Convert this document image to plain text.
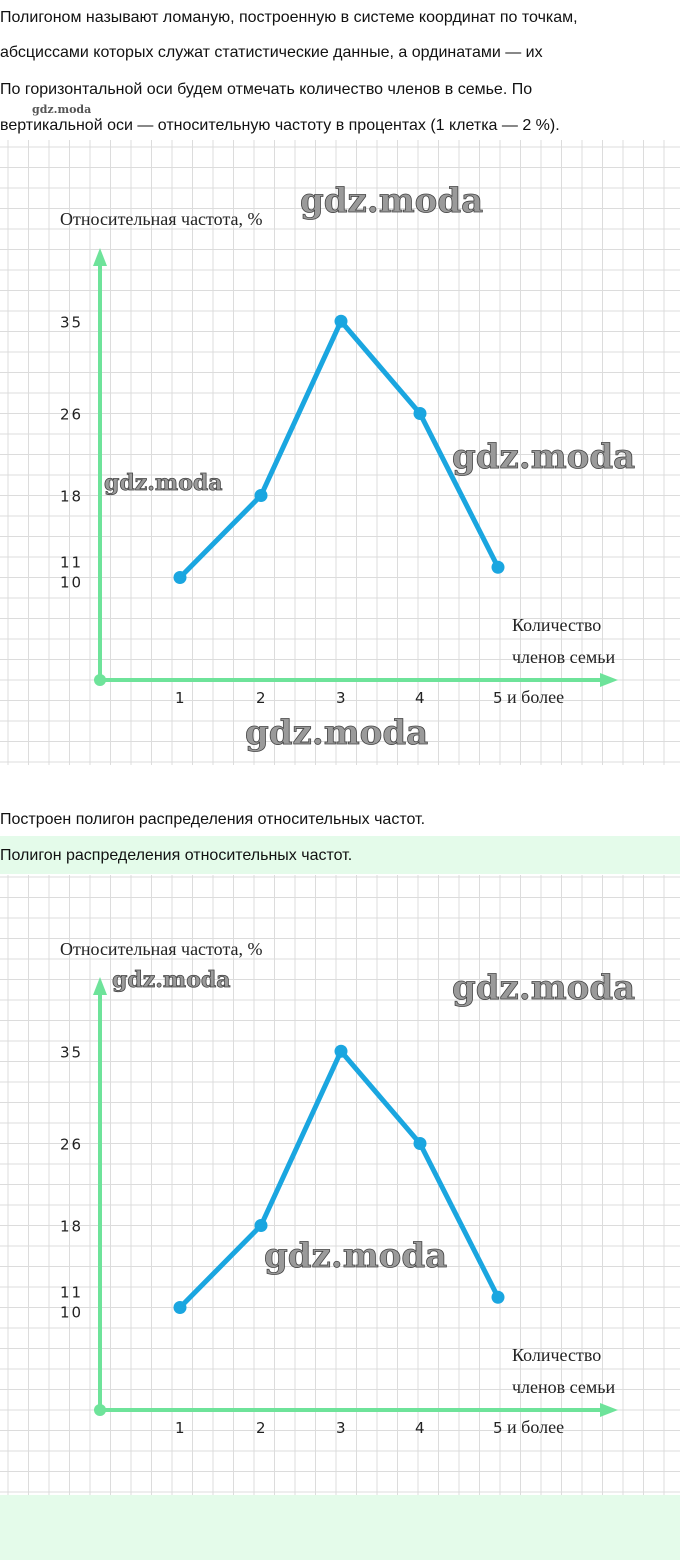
Полигоном называют ломаную, построенную в системе координат по точкам,
абсциссами которых служат статистические данные, а ординатами — их
По горизонтальной оси будем отмечать количество членов в семье. По
gdz.moda
вертикальной оси — относительную частоту в процентах (1 клетка — 2 %).
35
26
18
11
10
1	2	3	4	5 и более
Относительная частота, %
Количество
членов семьи
gdz.moda
gdz.moda
gdz.moda
gdz.moda
Построен полигон распределения относительных частот.
Полигон распределения относительных частот.
35
26
18
11
10
1	2	3	4	5 и более
Относительная частота, %
Количество
членов семьи
gdz.moda	gdz.moda
gdz.moda
